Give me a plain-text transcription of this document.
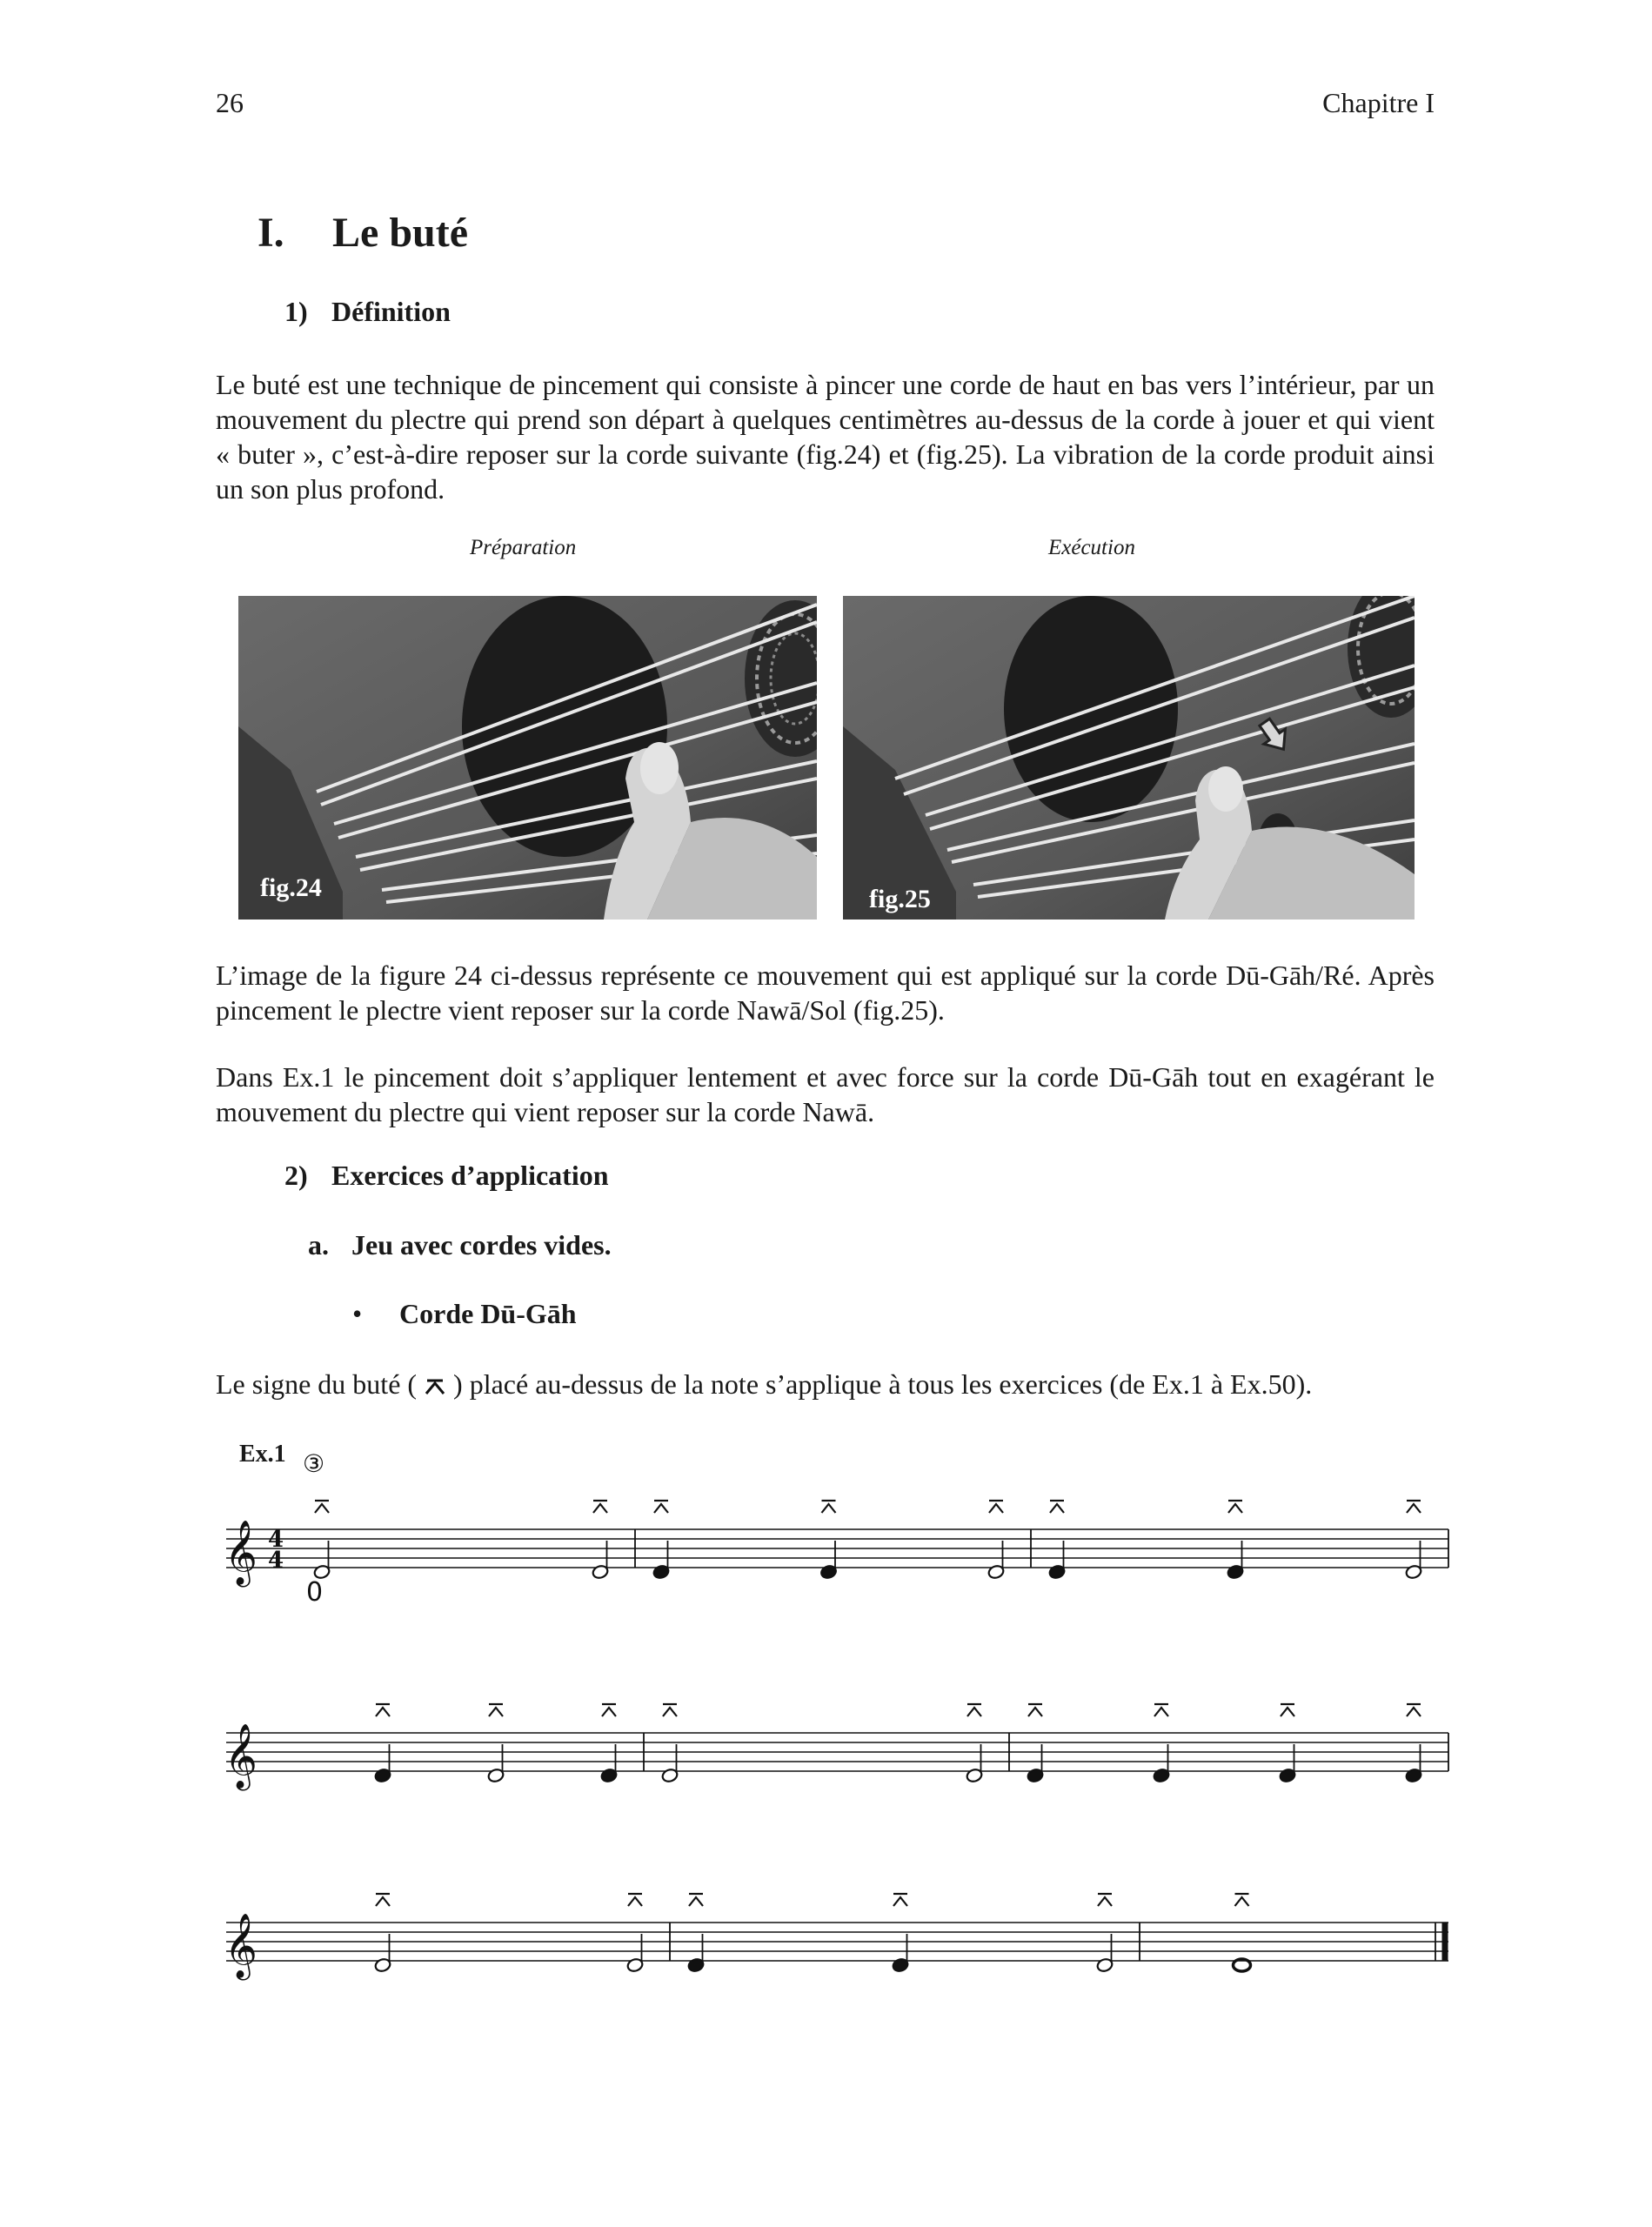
26	Chapitre I
I. Le buté
1) Définition
Le buté est une technique de pincement qui consiste à pincer une corde de haut en bas vers l’intérieur, par un mouvement du plectre qui prend son départ à quelques centimètres au-dessus de la corde à jouer et qui vient « buter », c’est-à-dire reposer sur la corde suivante (fig.24) et (fig.25). La vibration de la corde produit ainsi un son plus profond.
Préparation	Exécution
fig.24	fig.25
L’image de la figure 24 ci-dessus représente ce mouvement qui est appliqué sur la corde Dū-Gāh/Ré. Après pincement le plectre vient reposer sur la corde Nawā/Sol (fig.25).
Dans Ex.1 le pincement doit s’appliquer lentement et avec force sur la corde Dū-Gāh tout en exagérant le mouvement du plectre qui vient reposer sur la corde Nawā.
2) Exercices d’application
a. Jeu avec cordes vides.
• Corde Dū-Gāh
Le signe du buté ( ) placé au-dessus de la note s’applique à tous les exercices (de Ex.1 à Ex.50).
Ex.1 ③
0
4
4
𝄞
𝄞
𝄞
